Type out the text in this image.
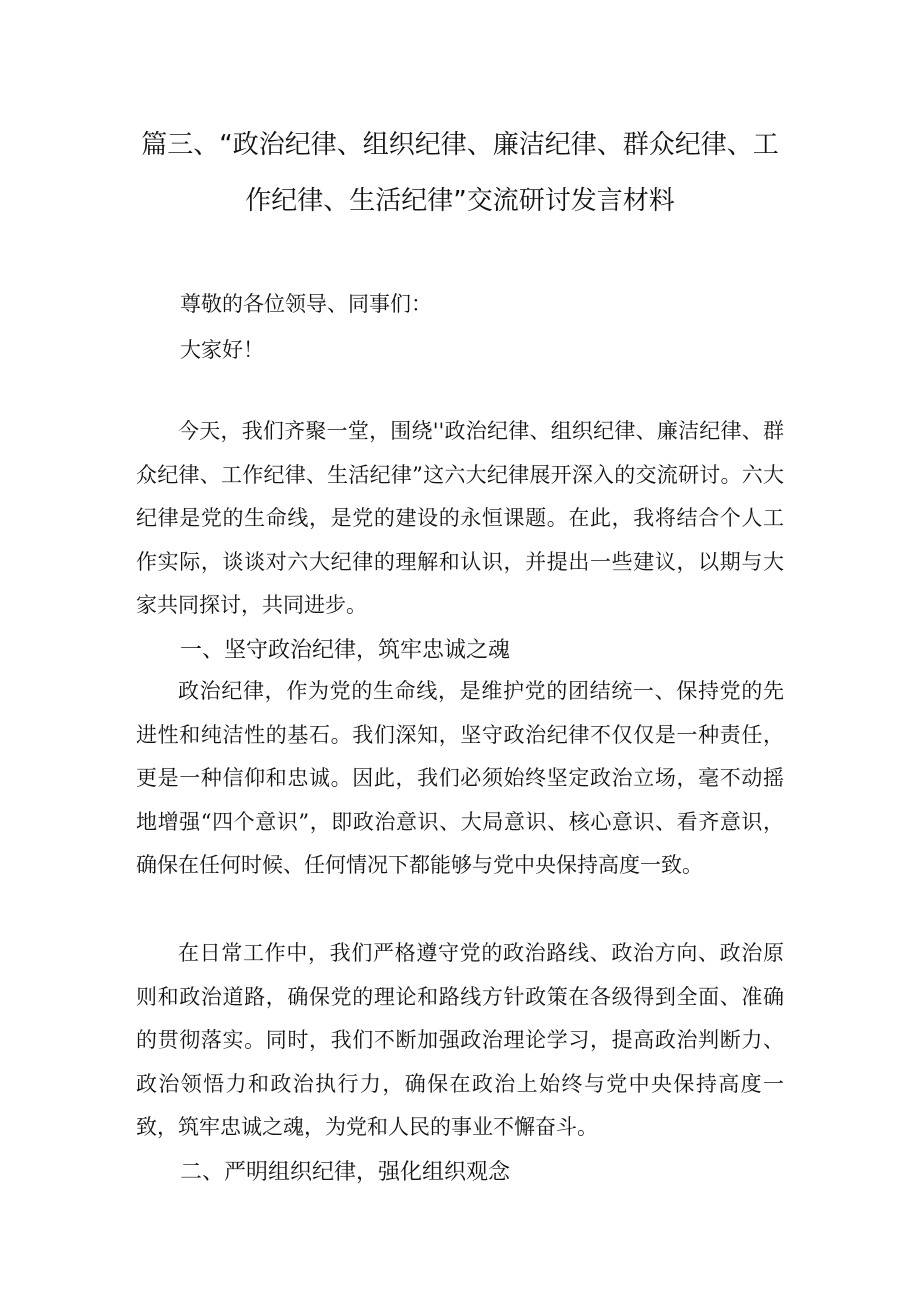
篇三、“政治纪律、组织纪律、廉洁纪律、群众纪律、工
作纪律、生活纪律”交流研讨发言材料
尊敬的各位领导、同事们：
大家好！

今天，我们齐聚一堂，围绕''政治纪律、组织纪律、廉洁纪律、群众纪律、工作纪律、生活纪律”这六大纪律展开深入的交流研讨。六大纪律是党的生命线，是党的建设的永恒课题。在此，我将结合个人工作实际，谈谈对六大纪律的理解和认识，并提出一些建议，以期与大家共同探讨，共同进步。

一、坚守政治纪律，筑牢忠诚之魂

政治纪律，作为党的生命线，是维护党的团结统一、保持党的先进性和纯洁性的基石。我们深知，坚守政治纪律不仅仅是一种责任，更是一种信仰和忠诚。因此，我们必须始终坚定政治立场，毫不动摇地增强“四个意识”，即政治意识、大局意识、核心意识、看齐意识，确保在任何时候、任何情况下都能够与党中央保持高度一致。

在日常工作中，我们严格遵守党的政治路线、政治方向、政治原则和政治道路，确保党的理论和路线方针政策在各级得到全面、准确的贯彻落实。同时，我们不断加强政治理论学习，提高政治判断力、政治领悟力和政治执行力，确保在政治上始终与党中央保持高度一致，筑牢忠诚之魂，为党和人民的事业不懈奋斗。

二、严明组织纪律，强化组织观念
